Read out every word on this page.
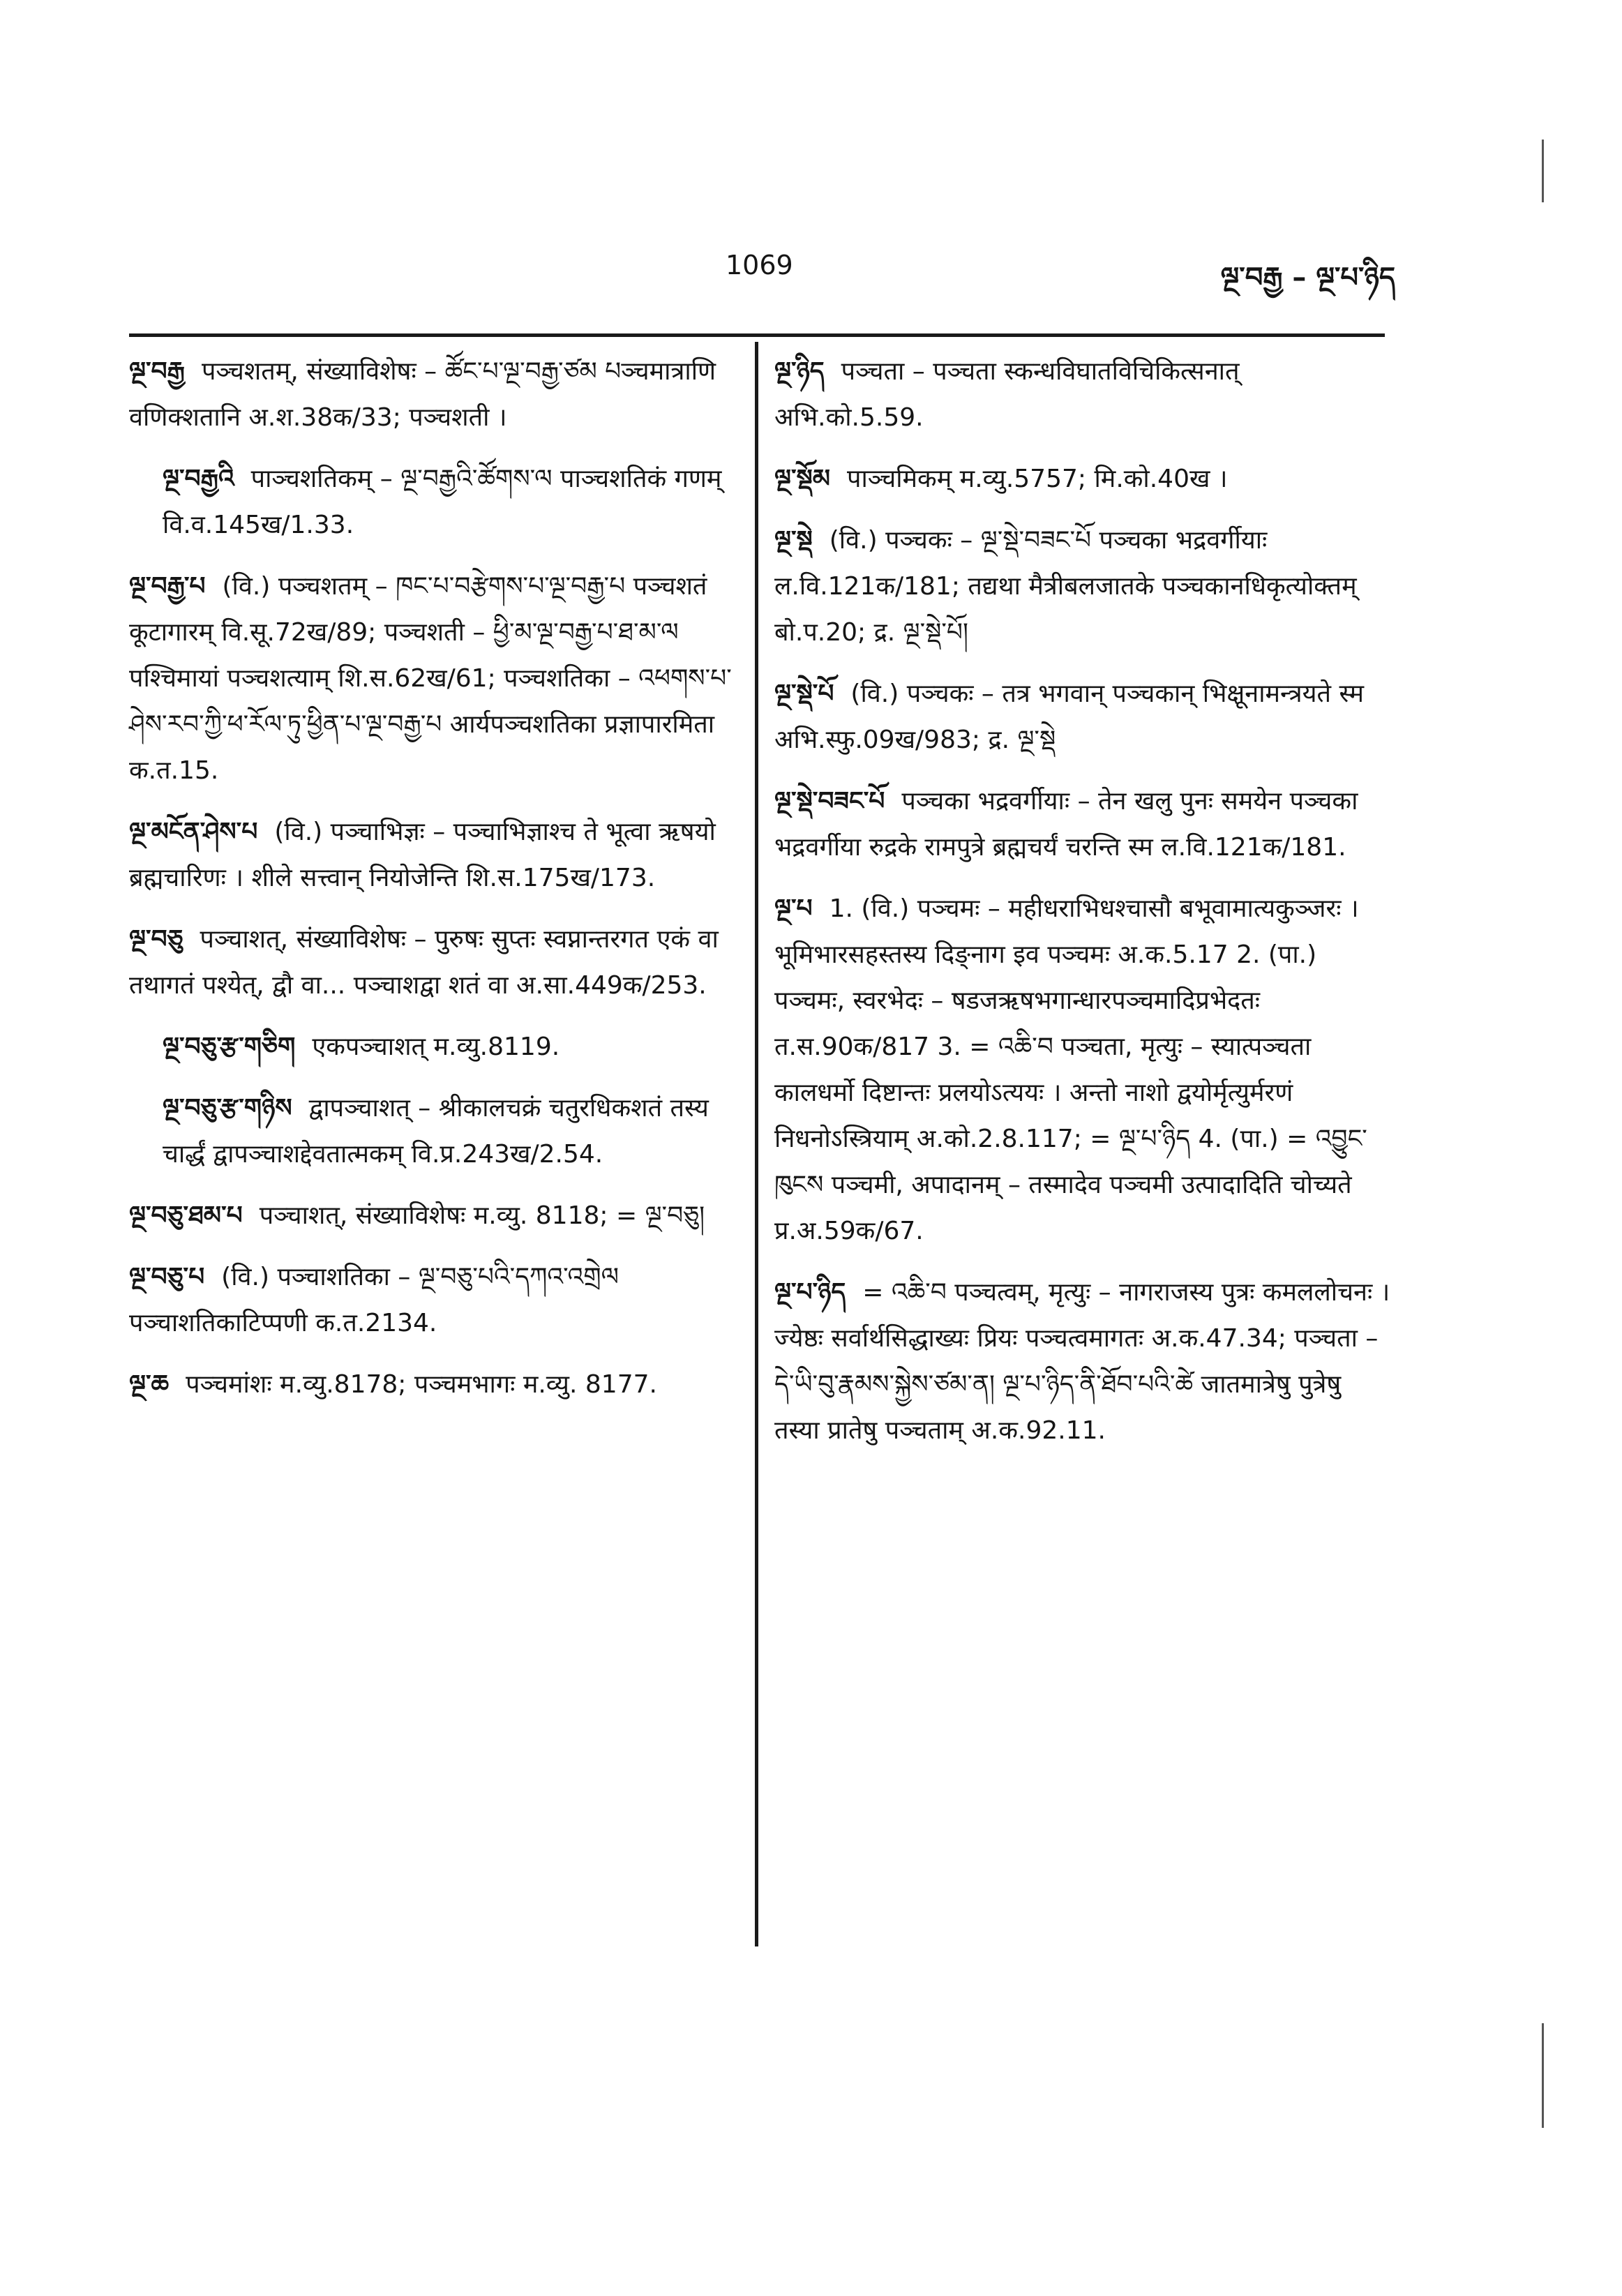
1069	ལྔ་བརྒྱ – ལྔ་པ་ཉིད

ལྔ་བརྒྱ पञ्चशतम्, संख्याविशेषः – ཚོང་པ་ལྔ་བརྒྱ་ཙམ པञ्चमात्राणि वणिक्शतानि अ.श.38क/33; पञ्चशती ।

ལྔ་བརྒྱའི पाञ्चशतिकम् – ལྔ་བརྒྱའི་ཚོགས་ལ पाञ्चशतिकं गणम् वि.व.145ख/1.33.

ལྔ་བརྒྱ་པ (वि.) पञ्चशतम् – ཁང་པ་བརྩེགས་པ་ལྔ་བརྒྱ་པ पञ्चशतं कूटागारम् वि.सू.72ख/89; पञ्चशती – ཕྱི་མ་ལྔ་བརྒྱ་པ་ཐ་མ་ལ पश्चिमायां पञ्चशत्याम् शि.स.62ख/61; पञ्चशतिका – འཕགས་པ་ཤེས་རབ་ཀྱི་ཕ་རོལ་ཏུ་ཕྱིན་པ་ལྔ་བརྒྱ་པ आर्यपञ्चशतिका प्रज्ञापारमिता क.त.15.

ལྔ་མངོན་ཤེས་པ (वि.) पञ्चाभिज्ञः – पञ्चाभिज्ञाश्च ते भूत्वा ऋषयो ब्रह्मचारिणः । शीले सत्त्वान् नियोजेन्ति शि.स.175ख/173.

ལྔ་བཅུ पञ्चाशत्, संख्याविशेषः – पुरुषः सुप्तः स्वप्नान्तरगत एकं वा तथागतं पश्येत्, द्वौ वा... पञ्चाशद्वा शतं वा अ.सा.449क/253.

ལྔ་བཅུ་རྩ་གཅིག एकपञ्चाशत् म.व्यु.8119.

ལྔ་བཅུ་རྩ་གཉིས द्वापञ्चाशत् – श्रीकालचक्रं चतुरधिकशतं तस्य चार्द्धं द्वापञ्चाशद्देवतात्मकम् वि.प्र.243ख/2.54.

ལྔ་བཅུ་ཐམ་པ पञ्चाशत्, संख्याविशेषः म.व्यु. 8118; = ལྔ་བཅུ།

ལྔ་བཅུ་པ (वि.) पञ्चाशतिका – ལྔ་བཅུ་པའི་དཀའ་འགྲེལ पञ्चाशतिकाटिप्पणी क.त.2134.

ལྔ་ཆ पञ्चमांशः म.व्यु.8178; पञ्चमभागः म.व्यु. 8177.

ལྔ་ཉིད पञ्चता – पञ्चता स्कन्धविघातविचिकित्सनात् अभि.को.5.59.

ལྔ་སྡོམ पाञ्चमिकम् म.व्यु.5757; मि.को.40ख ।

ལྔ་སྡེ (वि.) पञ्चकः – ལྔ་སྡེ་བཟང་པོ पञ्चका भद्रवर्गीयाः ल.वि.121क/181; तद्यथा मैत्रीबलजातके पञ्चकानधिकृत्योक्तम् बो.प.20; द्र. ལྔ་སྡེ་པོ།

ལྔ་སྡེ་པོ (वि.) पञ्चकः – तत्र भगवान् पञ्चकान् भिक्षूनामन्त्रयते स्म अभि.स्फु.09ख/983; द्र. ལྔ་སྡེ

ལྔ་སྡེ་བཟང་པོ पञ्चका भद्रवर्गीयाः – तेन खलु पुनः समयेन पञ्चका भद्रवर्गीया रुद्रके रामपुत्रे ब्रह्मचर्यं चरन्ति स्म ल.वि.121क/181.

ལྔ་པ 1. (वि.) पञ्चमः – महीधराभिधश्चासौ बभूवामात्यकुञ्जरः । भूमिभारसहस्तस्य दिङ्नाग इव पञ्चमः अ.क.5.17 2. (पा.) पञ्चमः, स्वरभेदः – षडजऋषभगान्धारपञ्चमादिप्रभेदतः त.स.90क/817 3. = འཆི་བ पञ्चता, मृत्युः – स्यात्पञ्चता कालधर्मो दिष्टान्तः प्रलयोऽत्ययः । अन्तो नाशो द्वयोर्मृत्युर्मरणं निधनोऽस्त्रियाम् अ.को.2.8.117; = ལྔ་པ་ཉིད 4. (पा.) = འབྱུང་ཁུངས पञ्चमी, अपादानम् – तस्मादेव पञ्चमी उत्पादादिति चोच्यते प्र.अ.59क/67.

ལྔ་པ་ཉིད = འཆི་བ पञ्चत्वम्, मृत्युः – नागराजस्य पुत्रः कमललोचनः । ज्येष्ठः सर्वार्थसिद्धाख्यः प्रियः पञ्चत्वमागतः अ.क.47.34; पञ्चता – དེ་ཡི་བུ་རྣམས་སྐྱེས་ཙམ་ན། ལྔ་པ་ཉིད་ནི་ཐོབ་པའི་ཚེ जातमात्रेषु पुत्रेषु तस्या प्रातेषु पञ्चताम् अ.क.92.11.
